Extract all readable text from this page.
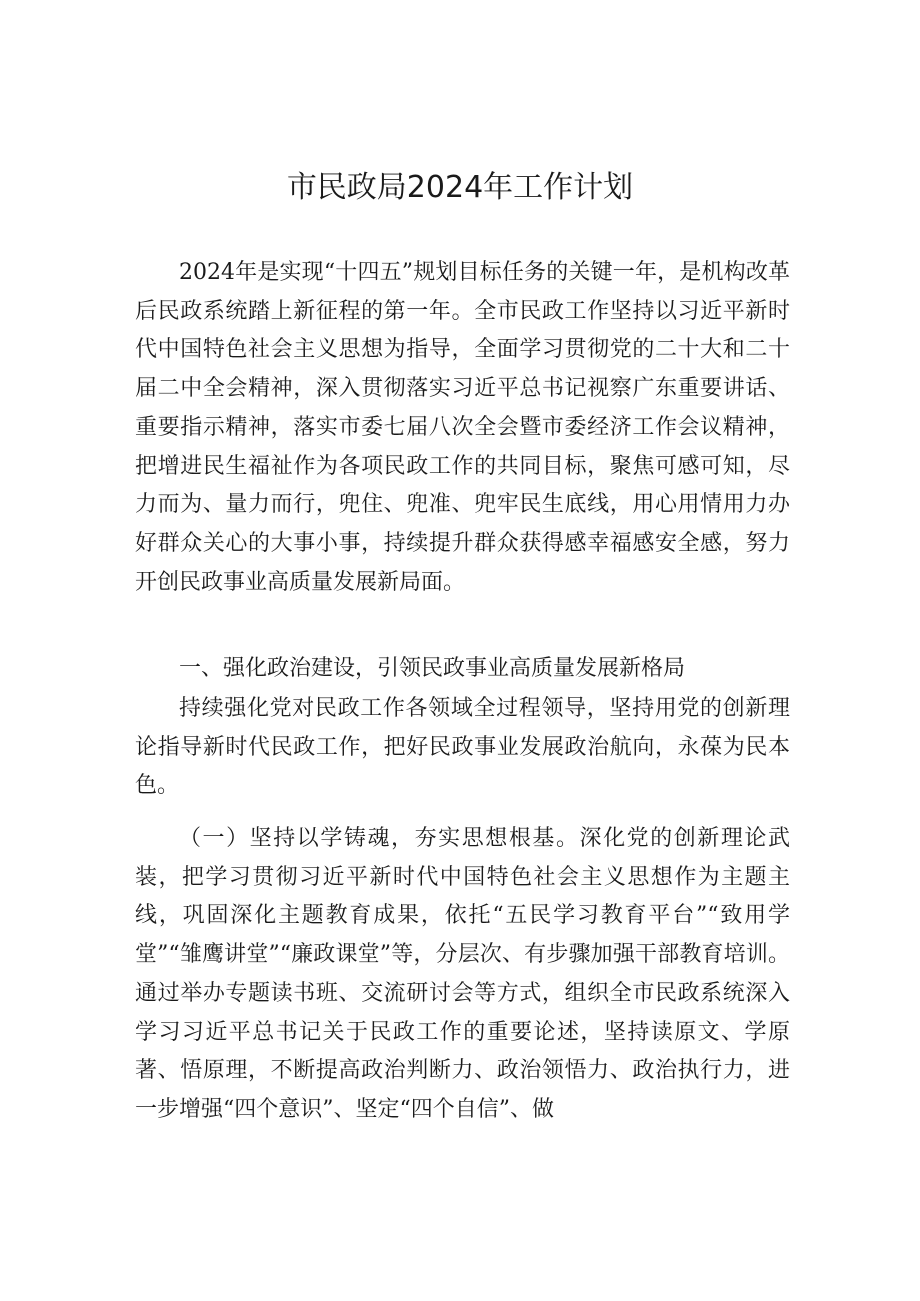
市民政局2024年工作计划

2024年是实现“十四五”规划目标任务的关键一年，是机构改革后民政系统踏上新征程的第一年。全市民政工作坚持以习近平新时代中国特色社会主义思想为指导，全面学习贯彻党的二十大和二十届二中全会精神，深入贯彻落实习近平总书记视察广东重要讲话、重要指示精神，落实市委七届八次全会暨市委经济工作会议精神，把增进民生福祉作为各项民政工作的共同目标，聚焦可感可知，尽力而为、量力而行，兜住、兜准、兜牢民生底线，用心用情用力办好群众关心的大事小事，持续提升群众获得感幸福感安全感，努力开创民政事业高质量发展新局面。

一、强化政治建设，引领民政事业高质量发展新格局

持续强化党对民政工作各领域全过程领导，坚持用党的创新理论指导新时代民政工作，把好民政事业发展政治航向，永葆为民本色。

（一）坚持以学铸魂，夯实思想根基。深化党的创新理论武装，把学习贯彻习近平新时代中国特色社会主义思想作为主题主线，巩固深化主题教育成果，依托“五民学习教育平台”“致用学堂”“雏鹰讲堂”“廉政课堂”等，分层次、有步骤加强干部教育培训。通过举办专题读书班、交流研讨会等方式，组织全市民政系统深入学习习近平总书记关于民政工作的重要论述，坚持读原文、学原著、悟原理，不断提高政治判断力、政治领悟力、政治执行力，进一步增强“四个意识”、坚定“四个自信”、做
